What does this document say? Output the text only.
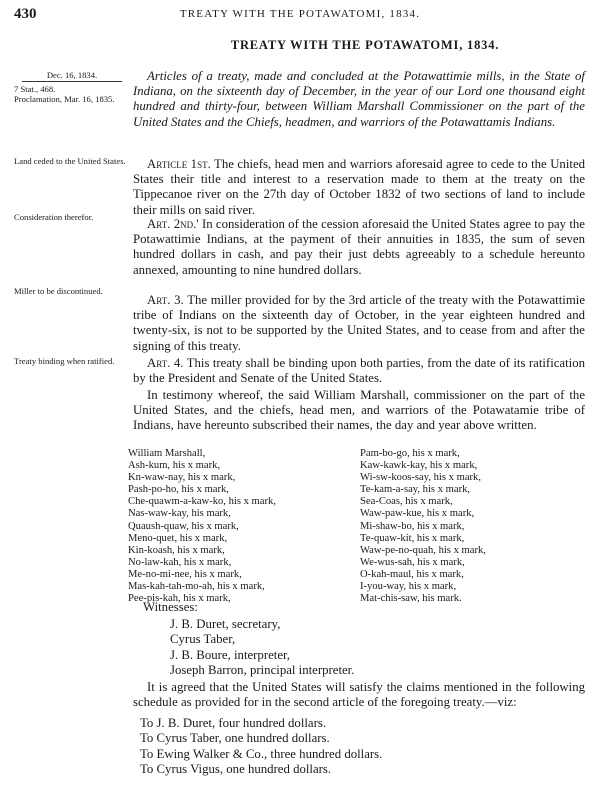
430	TREATY WITH THE POTAWATOMI, 1834.
TREATY WITH THE POTAWATOMI, 1834.
Dec. 16, 1834.
7 Stat., 468.
Proclamation, Mar. 16, 1835.
Land ceded to the United States.
Consideration therefor.
Miller to be discontinued.
Treaty binding when ratified.

Articles of a treaty, made and concluded at the Potawattimie mills, in the State of Indiana, on the sixteenth day of December, in the year of our Lord one thousand eight hundred and thirty-four, between William Marshall Commissioner on the part of the United States and the Chiefs, headmen, and warriors of the Potawattamis Indians.

Article 1st. The chiefs, head men and warriors aforesaid agree to cede to the United States their title and interest to a reservation made to them at the treaty on the Tippecanoe river on the 27th day of October 1832 of two sections of land to include their mills on said river.

Art. 2nd.' In consideration of the cession aforesaid the United States agree to pay the Potawattimie Indians, at the payment of their annuities in 1835, the sum of seven hundred dollars in cash, and pay their just debts agreeably to a schedule hereunto annexed, amounting to nine hundred dollars.

Art. 3. The miller provided for by the 3rd article of the treaty with the Potawattimie tribe of Indians on the sixteenth day of October, in the year eighteen hundred and twenty-six, is not to be supported by the United States, and to cease from and after the signing of this treaty.

Art. 4. This treaty shall be binding upon both parties, from the date of its ratification by the President and Senate of the United States.

In testimony whereof, the said William Marshall, commissioner on the part of the United States, and the chiefs, head men, and warriors of the Potawatamie tribe of Indians, have hereunto subscribed their names, the day and year above written.

William Marshall,
Ash-kum, his x mark,
Kn-waw-nay, his x mark,
Pash-po-ho, his x mark,
Che-quawm-a-kaw-ko, his x mark,
Nas-waw-kay, his mark,
Quaush-quaw, his x mark,
Meno-quet, his x mark,
Kin-koash, his x mark,
No-law-kah, his x mark,
Me-no-mi-nee, his x mark,
Mas-kah-tah-mo-ah, his x mark,
Pee-pis-kah, his x mark,
Pam-bo-go, his x mark,
Kaw-kawk-kay, his x mark,
Wi-sw-koos-say, his x mark,
Te-kam-a-say, his x mark,
Sea-Coas, his x mark,
Waw-paw-kue, his x mark,
Mi-shaw-bo, his x mark,
Te-quaw-kit, his x mark,
Waw-pe-no-quah, his x mark,
We-wus-sah, his x mark,
O-kah-maul, his x mark,
I-you-way, his x mark,
Mat-chis-saw, his mark.
Witnesses:
J. B. Duret, secretary,
Cyrus Taber,
J. B. Boure, interpreter,
Joseph Barron, principal interpreter.

It is agreed that the United States will satisfy the claims mentioned in the following schedule as provided for in the second article of the foregoing treaty.—viz:

To J. B. Duret, four hundred dollars.
To Cyrus Taber, one hundred dollars.
To Ewing Walker & Co., three hundred dollars.
To Cyrus Vigus, one hundred dollars.
